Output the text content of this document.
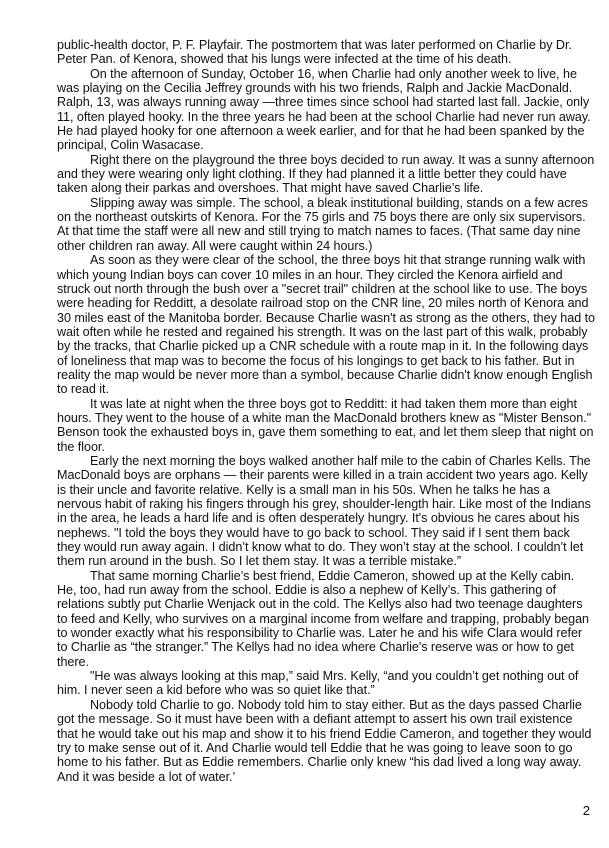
public-health doctor, P. F. Playfair. The postmortem that was later performed on Charlie by Dr. Peter Pan. of Kenora, showed that his lungs were infected at the time of his death.

On the afternoon of Sunday, October 16, when Charlie had only another week to live, he was playing on the Cecilia Jeffrey grounds with his two friends, Ralph and Jackie MacDonald. Ralph, 13, was always running away —three times since school had started last fall. Jackie, only 11, often played hooky. In the three years he had been at the school Charlie had never run away. He had played hooky for one afternoon a week earlier, and for that he had been spanked by the principal, Colin Wasacase.

Right there on the playground the three boys decided to run away. It was a sunny afternoon and they were wearing only light clothing. If they had planned it a little better they could have taken along their parkas and overshoes. That might have saved Charlie’s life.

Slipping away was simple. The school, a bleak institutional building, stands on a few acres on the northeast outskirts of Kenora. For the 75 girls and 75 boys there are only six supervisors. At that time the staff were all new and still trying to match names to faces. (That same day nine other children ran away. All were caught within 24 hours.)

As soon as they were clear of the school, the three boys hit that strange running walk with which young Indian boys can cover 10 miles in an hour. They circled the Kenora airfield and struck out north through the bush over a "secret trail" children at the school like to use. The boys were heading for Redditt, a desolate railroad stop on the CNR line, 20 miles north of Kenora and 30 miles east of the Manitoba border. Because Charlie wasn't as strong as the others, they had to wait often while he rested and regained his strength. It was on the last part of this walk, probably by the tracks, that Charlie picked up a CNR schedule with a route map in it. In the following days of loneliness that map was to become the focus of his longings to get back to his father. But in reality the map would be never more than a symbol, because Charlie didn't know enough English to read it.

It was late at night when the three boys got to Redditt: it had taken them more than eight hours. They went to the house of a white man the MacDonald brothers knew as "Mister Benson." Benson took the exhausted boys in, gave them something to eat, and let them sleep that night on the floor.

Early the next morning the boys walked another half mile to the cabin of Charles Kells. The MacDonald boys are orphans — their parents were killed in a train accident two years ago. Kelly is their uncle and favorite relative. Kelly is a small man in his 50s. When he talks he has a nervous habit of raking his fingers through his grey, shoulder-length hair. Like most of the Indians in the area, he leads a hard life and is often desperately hungry. It's obvious he cares about his nephews. "I told the boys they would have to go back to school. They said if I sent them back they would run away again. I didn’t know what to do. They won’t stay at the school. I couldn’t let them run around in the bush. So I let them stay. It was a terrible mistake.”

That same morning Charlie’s best friend, Eddie Cameron, showed up at the Kelly cabin. He, too, had run away from the school. Eddie is also a nephew of Kelly’s. This gathering of relations subtly put Charlie Wenjack out in the cold. The Kellys also had two teenage daughters to feed and Kelly, who survives on a marginal income from welfare and trapping, probably began to wonder exactly what his responsibility to Charlie was. Later he and his wife Clara would refer to Charlie as “the stranger.” The Kellys had no idea where Charlie's reserve was or how to get there.

"He was always looking at this map,” said Mrs. Kelly, “and you couldn’t get nothing out of him. I never seen a kid before who was so quiet like that.”

Nobody told Charlie to go. Nobody told him to stay either. But as the days passed Charlie got the message. So it must have been with a defiant attempt to assert his own trail existence that he would take out his map and show it to his friend Eddie Cameron, and together they would try to make sense out of it. And Charlie would tell Eddie that he was going to leave soon to go home to his father. But as Eddie remembers. Charlie only knew “his dad lived a long way away. And it was beside a lot of water.’

2
